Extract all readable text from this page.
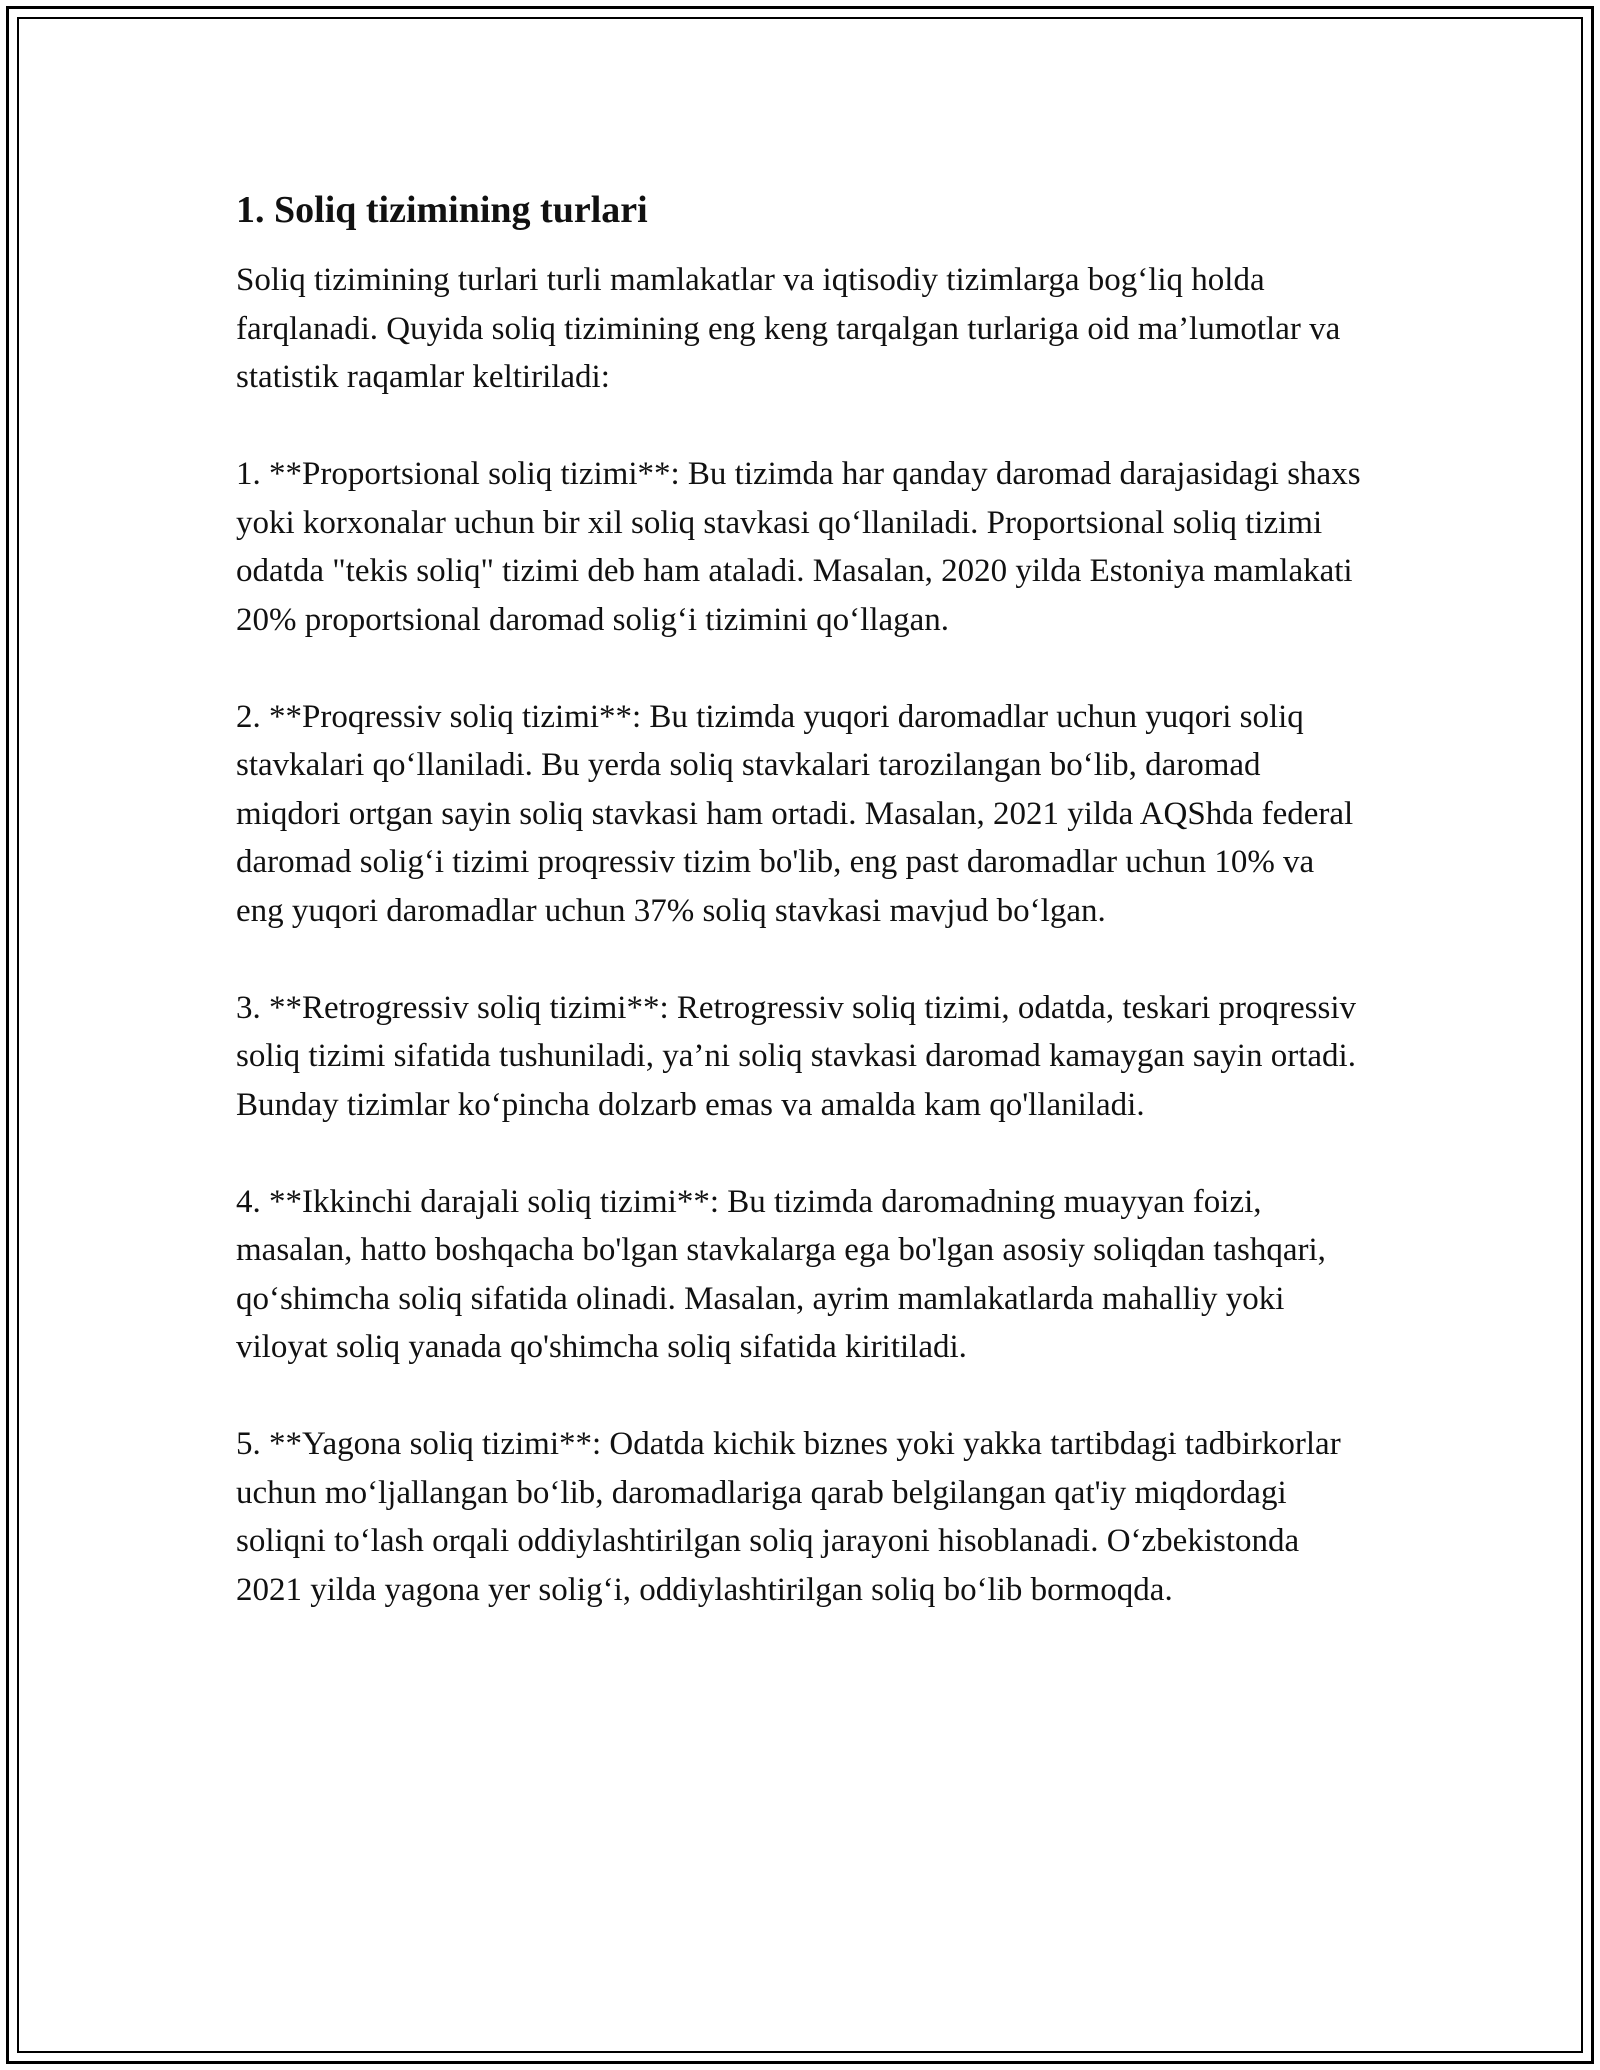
1. Soliq tizimining turlari

Soliq tizimining turlari turli mamlakatlar va iqtisodiy tizimlarga bog‘liq holda farqlanadi. Quyida soliq tizimining eng keng tarqalgan turlariga oid ma’lumotlar va statistik raqamlar keltiriladi:

1. **Proportsional soliq tizimi**: Bu tizimda har qanday daromad darajasidagi shaxs yoki korxonalar uchun bir xil soliq stavkasi qo‘llaniladi. Proportsional soliq tizimi odatda "tekis soliq" tizimi deb ham ataladi. Masalan, 2020 yilda Estoniya mamlakati 20% proportsional daromad solig‘i tizimini qo‘llagan.

2. **Proqressiv soliq tizimi**: Bu tizimda yuqori daromadlar uchun yuqori soliq stavkalari qo‘llaniladi. Bu yerda soliq stavkalari tarozilangan bo‘lib, daromad miqdori ortgan sayin soliq stavkasi ham ortadi. Masalan, 2021 yilda AQShda federal daromad solig‘i tizimi proqressiv tizim bo'lib, eng past daromadlar uchun 10% va eng yuqori daromadlar uchun 37% soliq stavkasi mavjud bo‘lgan.

3. **Retrogressiv soliq tizimi**: Retrogressiv soliq tizimi, odatda, teskari proqressiv soliq tizimi sifatida tushuniladi, ya’ni soliq stavkasi daromad kamaygan sayin ortadi. Bunday tizimlar ko‘pincha dolzarb emas va amalda kam qo'llaniladi.

4. **Ikkinchi darajali soliq tizimi**: Bu tizimda daromadning muayyan foizi, masalan, hatto boshqacha bo'lgan stavkalarga ega bo'lgan asosiy soliqdan tashqari, qo‘shimcha soliq sifatida olinadi. Masalan, ayrim mamlakatlarda mahalliy yoki viloyat soliq yanada qo'shimcha soliq sifatida kiritiladi.

5. **Yagona soliq tizimi**: Odatda kichik biznes yoki yakka tartibdagi tadbirkorlar uchun mo‘ljallangan bo‘lib, daromadlariga qarab belgilangan qat'iy miqdordagi soliqni to‘lash orqali oddiylashtirilgan soliq jarayoni hisoblanadi. O‘zbekistonda 2021 yilda yagona yer solig‘i, oddiylashtirilgan soliq bo‘lib bormoqda.
